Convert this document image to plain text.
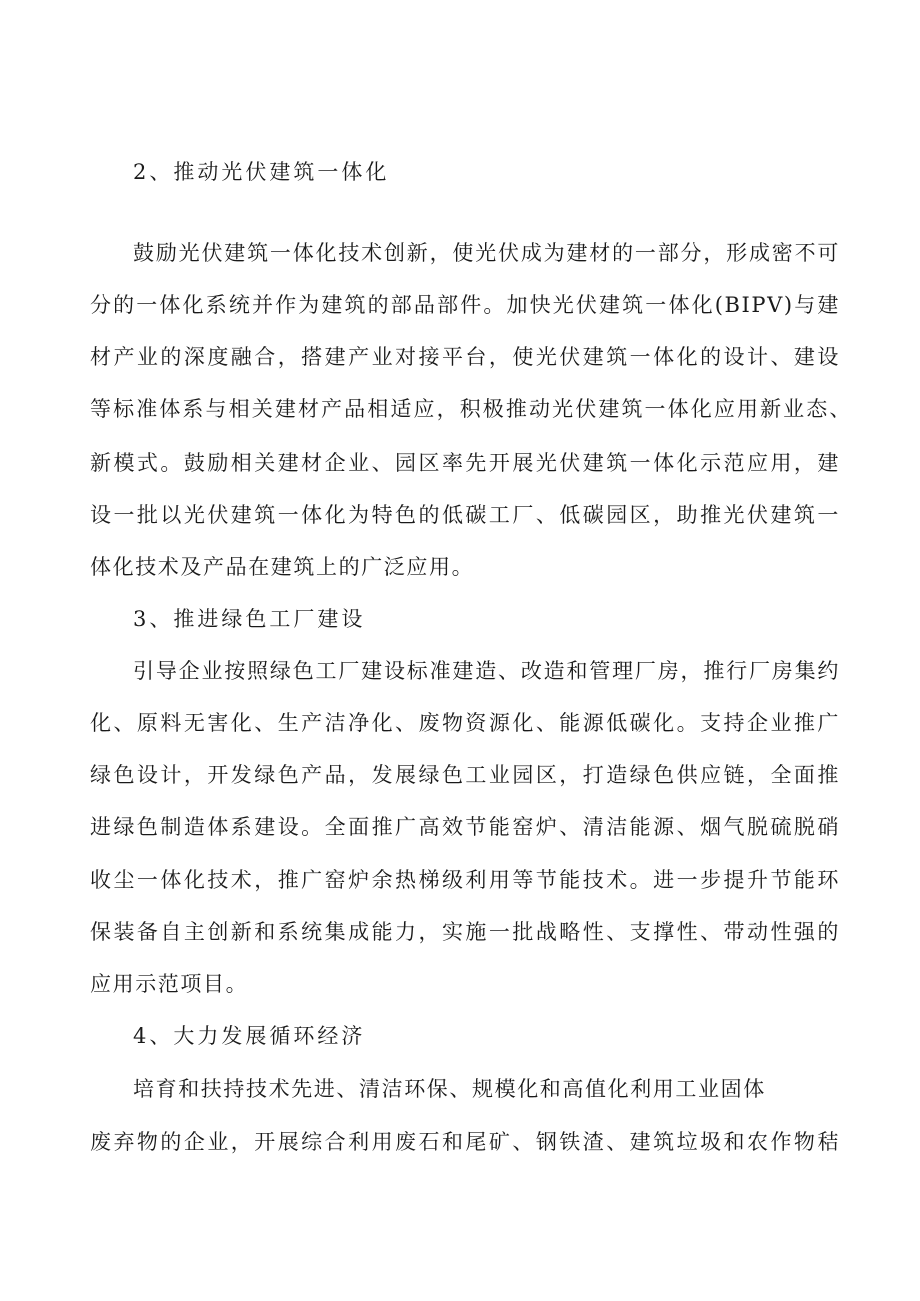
2、推动光伏建筑一体化
鼓励光伏建筑一体化技术创新，使光伏成为建材的一部分，形成密不可
分的一体化系统并作为建筑的部品部件。加快光伏建筑一体化(BIPV)与建
材产业的深度融合，搭建产业对接平台，使光伏建筑一体化的设计、建设
等标准体系与相关建材产品相适应，积极推动光伏建筑一体化应用新业态、
新模式。鼓励相关建材企业、园区率先开展光伏建筑一体化示范应用，建
设一批以光伏建筑一体化为特色的低碳工厂、低碳园区，助推光伏建筑一
体化技术及产品在建筑上的广泛应用。
3、推进绿色工厂建设
引导企业按照绿色工厂建设标准建造、改造和管理厂房，推行厂房集约
化、原料无害化、生产洁净化、废物资源化、能源低碳化。支持企业推广
绿色设计，开发绿色产品，发展绿色工业园区，打造绿色供应链，全面推
进绿色制造体系建设。全面推广高效节能窑炉、清洁能源、烟气脱硫脱硝
收尘一体化技术，推广窑炉余热梯级利用等节能技术。进一步提升节能环
保装备自主创新和系统集成能力，实施一批战略性、支撑性、带动性强的
应用示范项目。
4、大力发展循环经济
培育和扶持技术先进、清洁环保、规模化和高值化利用工业固体
废弃物的企业，开展综合利用废石和尾矿、钢铁渣、建筑垃圾和农作物秸
